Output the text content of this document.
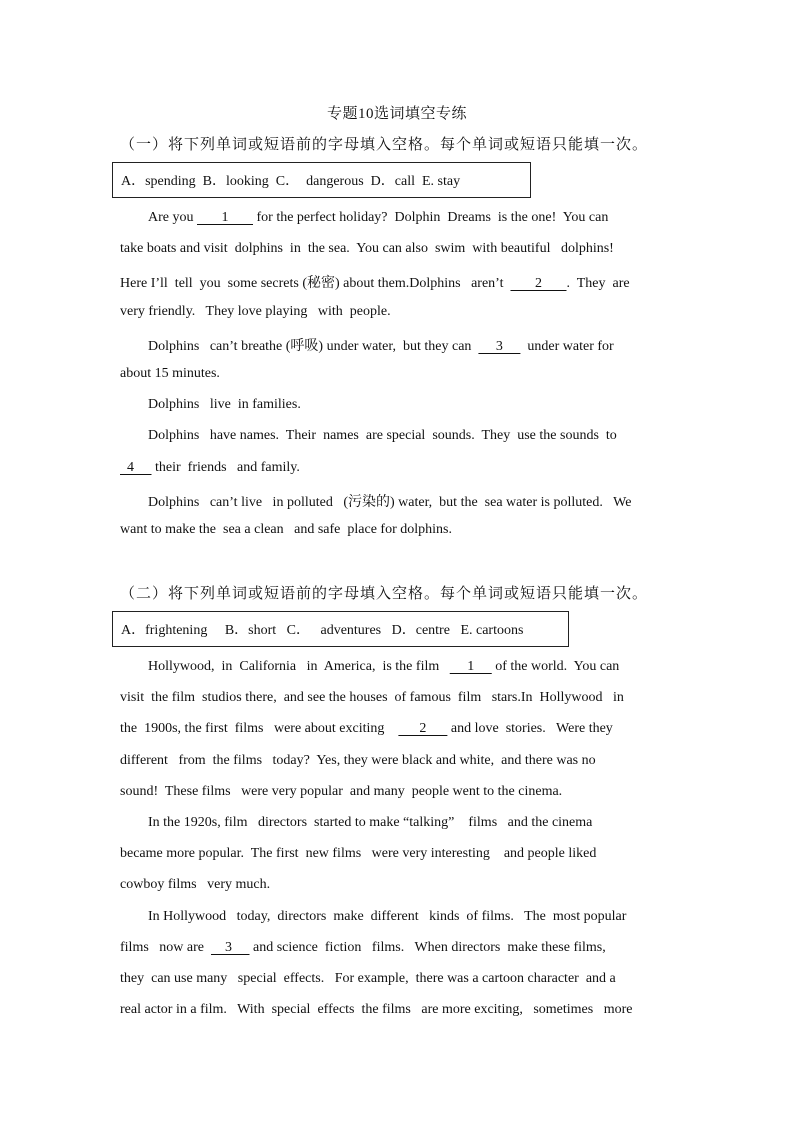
专题10选词填空专练
（一）将下列单词或短语前的字母填入空格。每个单词或短语只能填一次。
A．spending  B．looking  C．  dangerous  D．call  E. stay
Are you        1        for the perfect holiday?  Dolphin  Dreams  is the one!  You can
take boats and visit  dolphins  in  the sea.  You can also  swim  with beautiful   dolphins!
Here I’ll  tell  you  some secrets (秘密) about them.Dolphins   aren’t         2       .  They  are
very friendly.   They love playing   with  people.
Dolphins   can’t breathe (呼吸) under water,  but they can       3       under water for
about 15 minutes.
Dolphins   live  in families.
Dolphins   have names.  Their  names  are special  sounds.  They  use the sounds  to
4      their  friends   and family.
Dolphins   can’t live   in polluted   (污染的) water,  but the  sea water is polluted.   We
want to make the  sea a clean   and safe  place for dolphins.
（二）将下列单词或短语前的字母填入空格。每个单词或短语只能填一次。
A．frightening     B．short   C．   adventures   D．centre   E. cartoons
Hollywood,  in  California   in  America,  is the film        1      of the world.  You can
visit  the film  studios there,  and see the houses  of famous  film   stars.In  Hollywood   in
the  1900s, the first  films   were about exciting          2       and love  stories.   Were they
different   from  the films   today?  Yes, they were black and white,  and there was no
sound!  These films   were very popular  and many  people went to the cinema.
In the 1920s, film   directors  started to make “talking”    films   and the cinema
became more popular.  The first  new films   were very interesting    and people liked
cowboy films   very much.
In Hollywood   today,  directors  make  different   kinds  of films.   The  most popular
films   now are      3      and science  fiction   films.   When directors  make these films,
they  can use many   special  effects.   For example,  there was a cartoon character  and a
real actor in a film.   With  special  effects  the films   are more exciting,   sometimes   more
